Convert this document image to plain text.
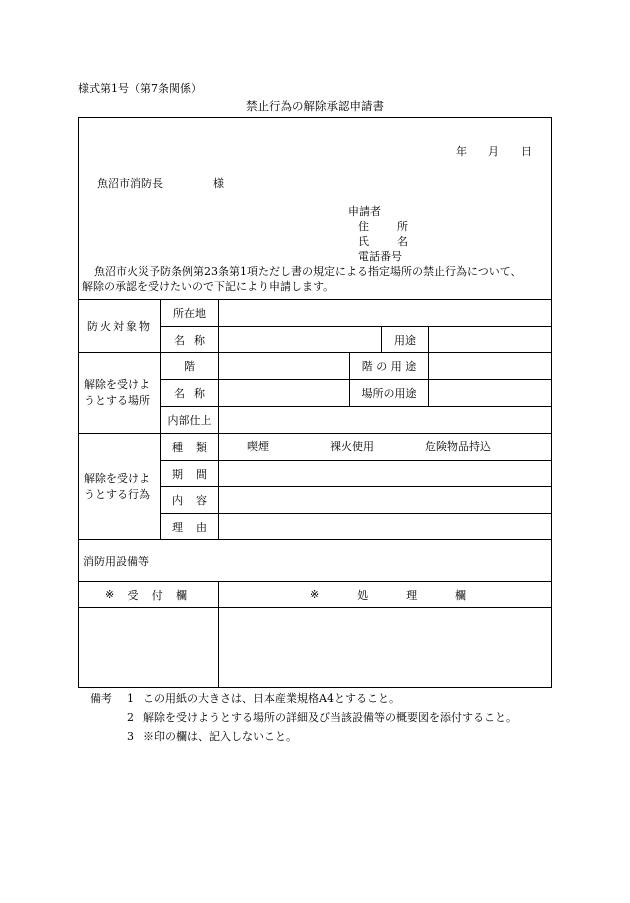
様式第1号（第7条関係）
禁止行為の解除承認申請書
年 月 日
魚沼市消防長	様
申請者
住	所
氏	名
電話番号
魚沼市火災予防条例第23条第1項ただし書の規定による指定場所の禁止行為について、
解除の承認を受けたいので下記により申請します。
防火対象物
所在地
名 称	用途
解除を受けよ
うとする場所
階	階 の 用 途
名 称	場所の用途
内部仕上
解除を受けよ
うとする行為
種 類	喫煙	裸火使用	危険物品持込
期 間
内 容
理 由
消防用設備等
※ 受 付 欄	※	処	理	欄
備考 1 この用紙の大きさは、日本産業規格A4とすること。
2 解除を受けようとする場所の詳細及び当該設備等の概要図を添付すること。
3 ※印の欄は、記入しないこと。
